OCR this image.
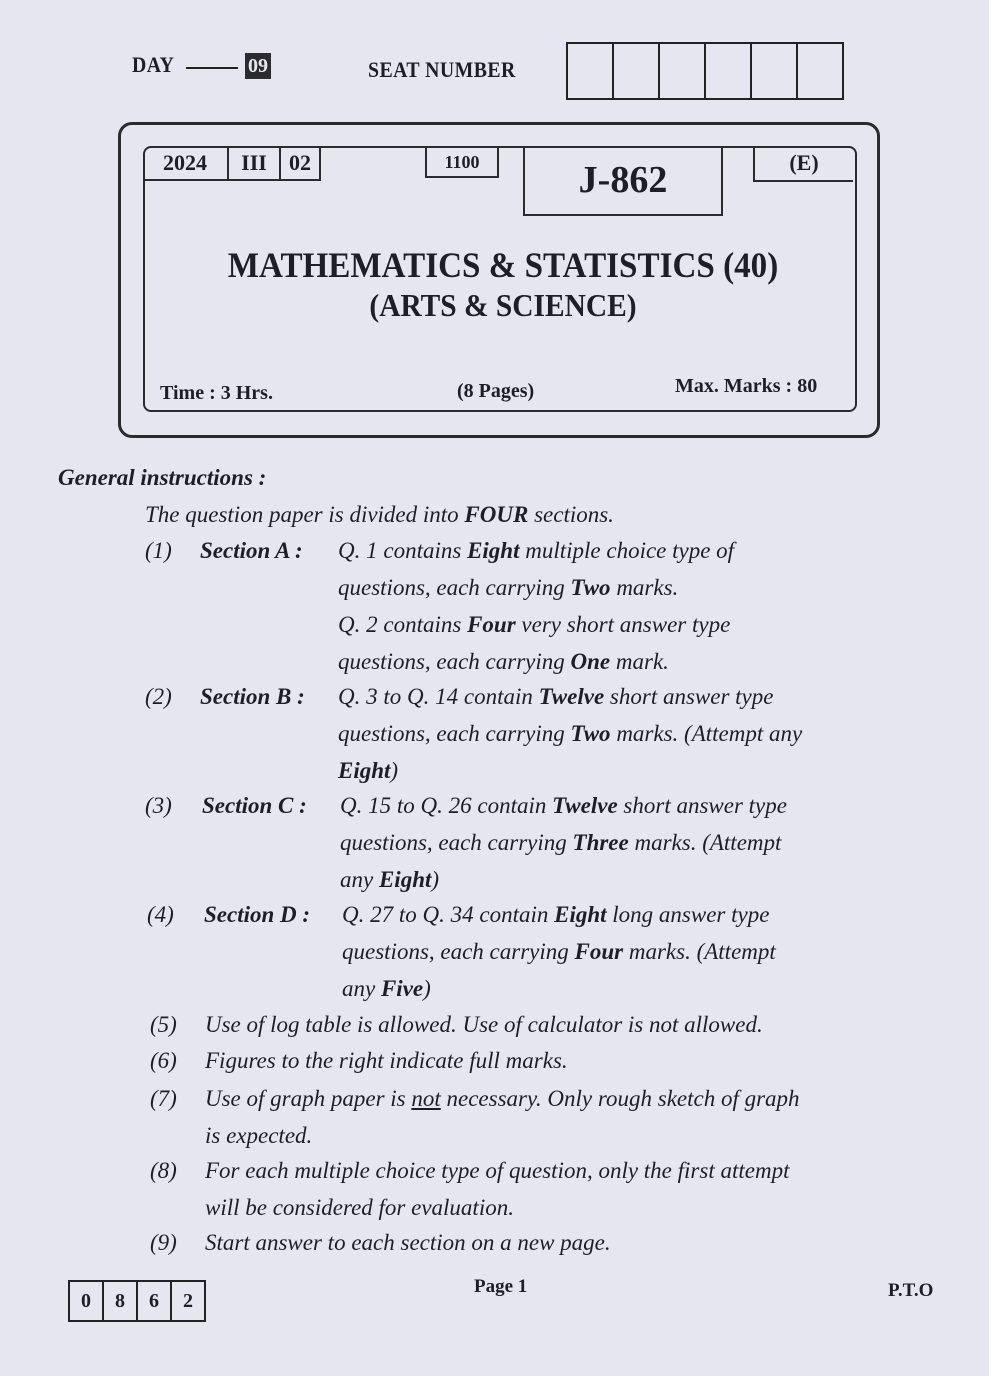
DAY	09	SEAT NUMBER
2024	III	02	1100	J-862	(E)
MATHEMATICS & STATISTICS (40)
(ARTS & SCIENCE)
Time : 3 Hrs.	(8 Pages)	Max. Marks : 80
General instructions :
The question paper is divided into FOUR sections.
(1) Section A : Q. 1 contains Eight multiple choice type of
questions, each carrying Two marks.
Q. 2 contains Four very short answer type
questions, each carrying One mark.
(2) Section B : Q. 3 to Q. 14 contain Twelve short answer type
questions, each carrying Two marks. (Attempt any
Eight)
(3) Section C : Q. 15 to Q. 26 contain Twelve short answer type
questions, each carrying Three marks. (Attempt
any Eight)
(4) Section D : Q. 27 to Q. 34 contain Eight long answer type
questions, each carrying Four marks. (Attempt
any Five)
(5) Use of log table is allowed. Use of calculator is not allowed.
(6) Figures to the right indicate full marks.
(7) Use of graph paper is not necessary. Only rough sketch of graph
is expected.
(8) For each multiple choice type of question, only the first attempt
will be considered for evaluation.
(9) Start answer to each section on a new page.
0	8	6	2
Page 1	P.T.O
